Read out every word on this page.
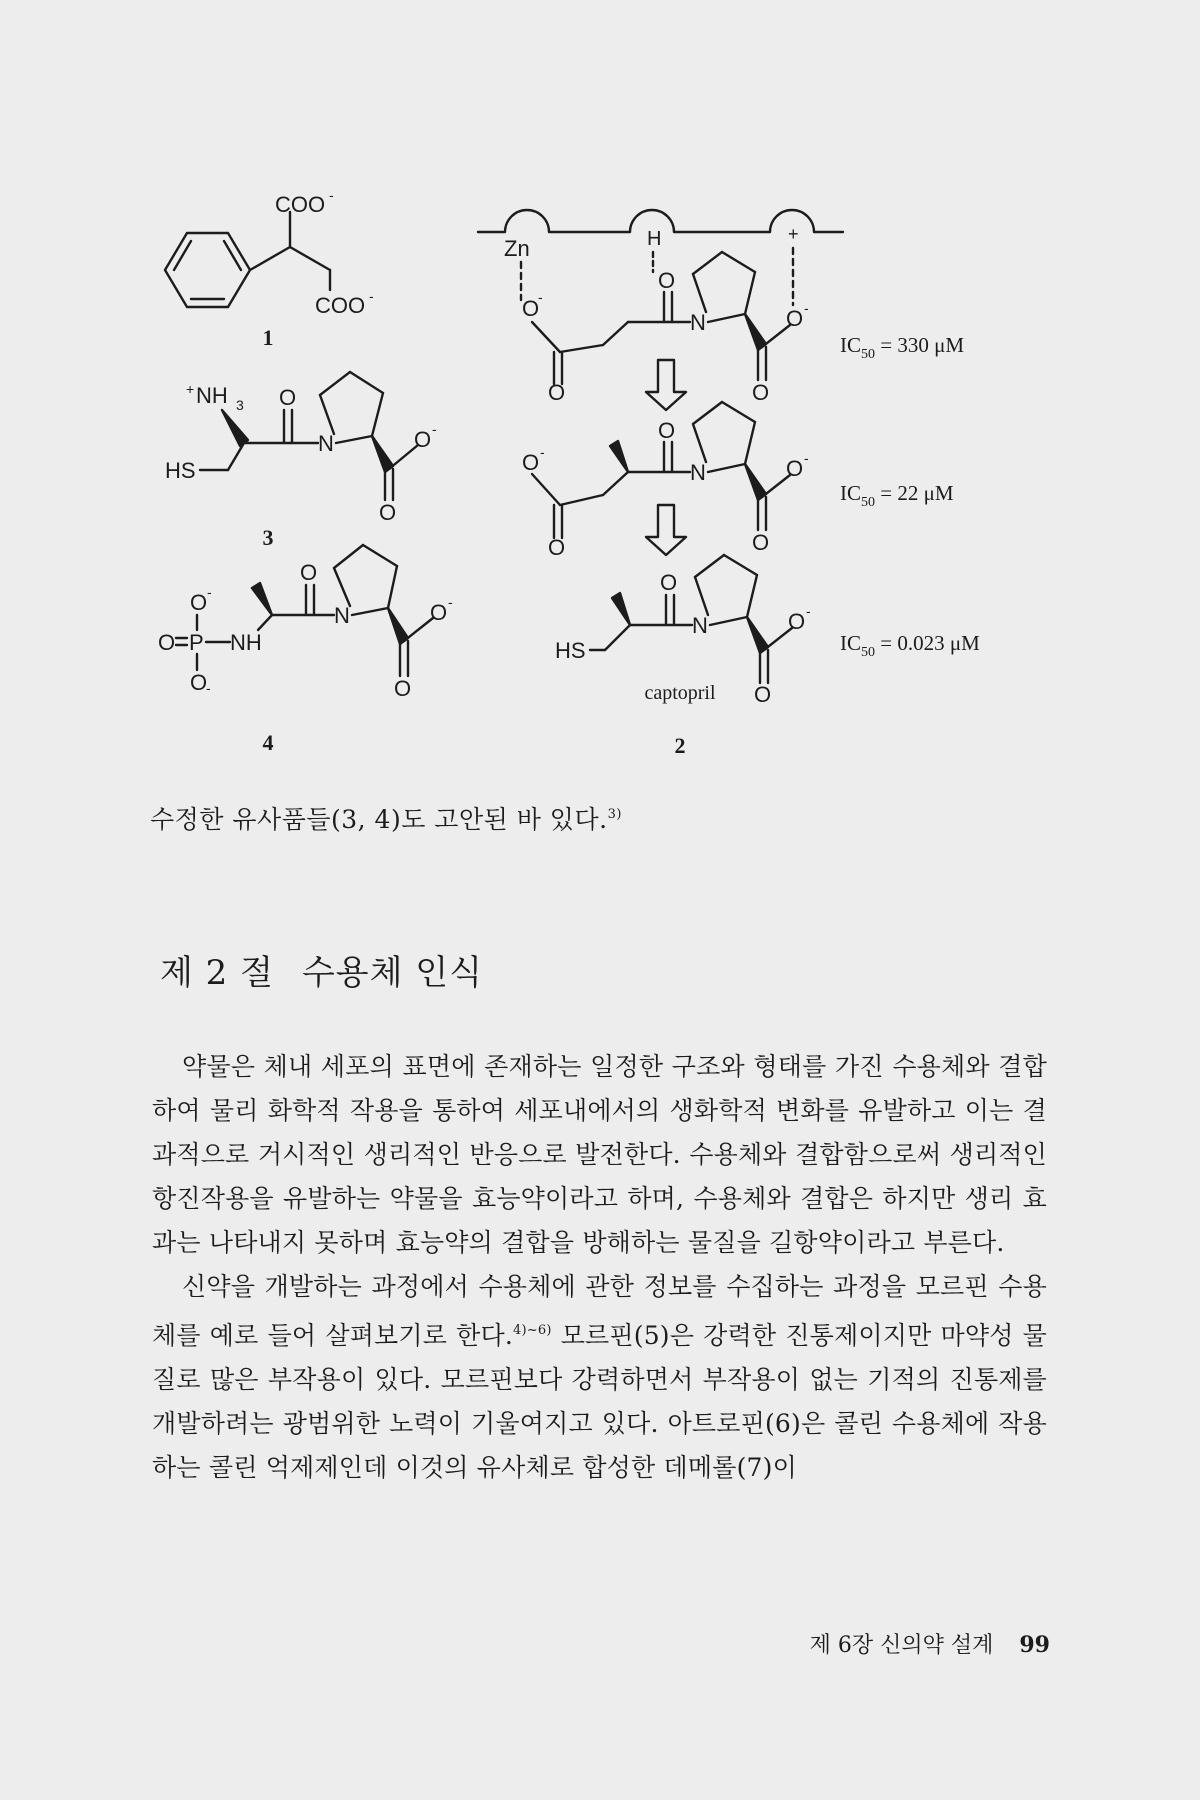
COO -
COO -
1
+ NH 3
HS
O
N	O -
O
3
O -
O P NH
O
-
O
N	O -
O
4
Zn
O
-
H	+
O
O
N	O -
O
$IC_{50} = 330$ μM
O -
O
O
N	O -
O
$IC_{50} = 22$ μM
HS
O
N	O -
O
captopril
$IC_{50} = 0.023$ μM
2
수정한 유사품들(3, 4)도 고안된 바 있다.$^{3)}$
제 2 절 수용체 인식

약물은 체내 세포의 표면에 존재하는 일정한 구조와 형태를 가진 수용체와 결합하여 물리 화학적 작용을 통하여 세포내에서의 생화학적 변화를 유발하고 이는 결과적으로 거시적인 생리적인 반응으로 발전한다. 수용체와 결합함으로써 생리적인 항진작용을 유발하는 약물을 효능약이라고 하며, 수용체와 결합은 하지만 생리 효과는 나타내지 못하며 효능약의 결합을 방해하는 물질을 길항약이라고 부른다.

신약을 개발하는 과정에서 수용체에 관한 정보를 수집하는 과정을 모르핀 수용체를 예로 들어 살펴보기로 한다.$^{4)\sim 6)}$ 모르핀(5)은 강력한 진통제이지만 마약성 물질로 많은 부작용이 있다. 모르핀보다 강력하면서 부작용이 없는 기적의 진통제를 개발하려는 광범위한 노력이 기울여지고 있다. 아트로핀(6)은 콜린 수용체에 작용하는 콜린 억제제인데 이것의 유사체로 합성한 데메롤(7)이

제 6장 신의약 설계 99
